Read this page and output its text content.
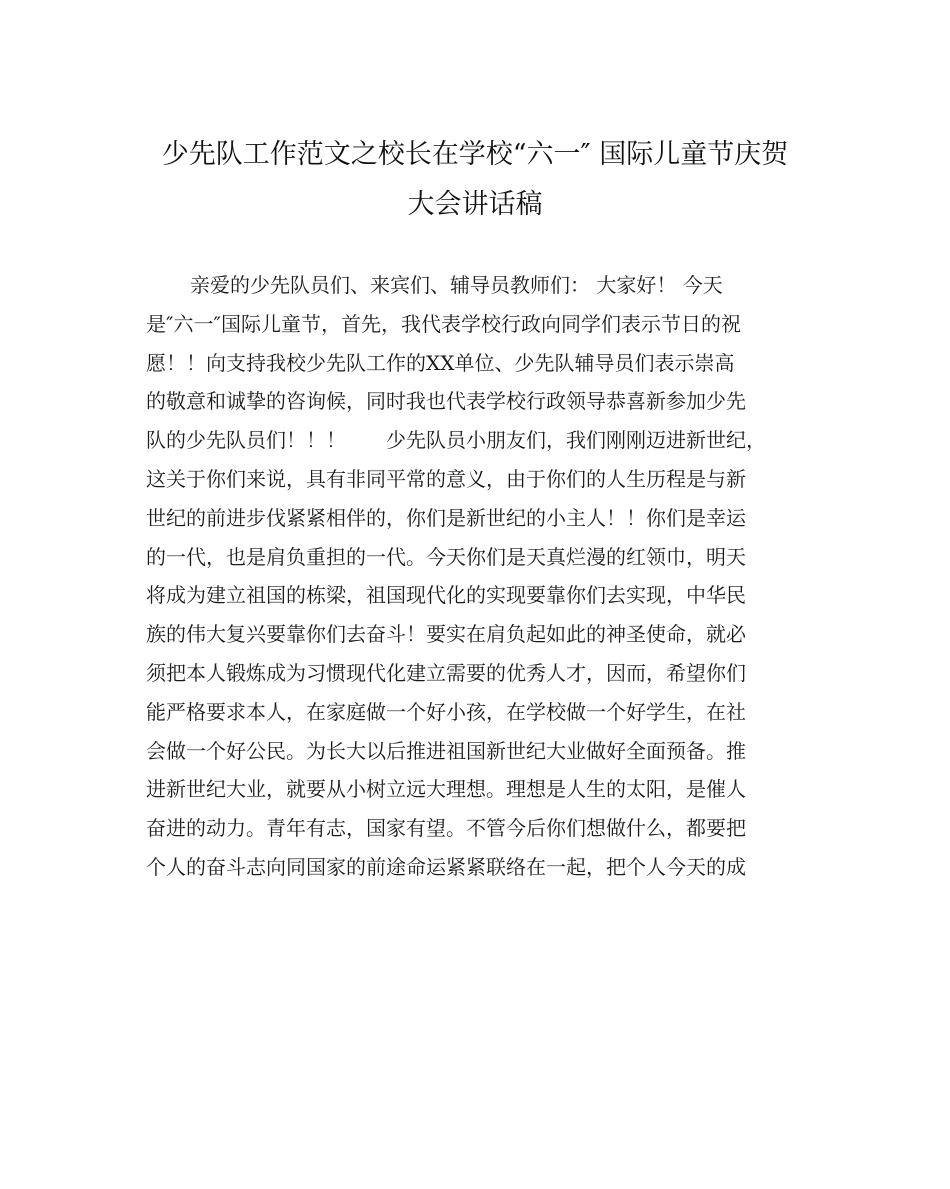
少先队工作范文之校长在学校“六一″ 国际儿童节庆贺
大会讲话稿
亲爱的少先队员们、来宾们、辅导员教师们： 大家好！ 今天
是″六一″国际儿童节，首先，我代表学校行政向同学们表示节日的祝
愿！！向支持我校少先队工作的XX单位、少先队辅导员们表示崇高
的敬意和诚挚的咨询候，同时我也代表学校行政领导恭喜新参加少先
队的少先队员们！！！　　少先队员小朋友们，我们刚刚迈进新世纪，
这关于你们来说，具有非同平常的意义，由于你们的人生历程是与新
世纪的前进步伐紧紧相伴的，你们是新世纪的小主人！！你们是幸运
的一代，也是肩负重担的一代。今天你们是天真烂漫的红领巾，明天
将成为建立祖国的栋梁，祖国现代化的实现要靠你们去实现，中华民
族的伟大复兴要靠你们去奋斗！要实在肩负起如此的神圣使命，就必
须把本人锻炼成为习惯现代化建立需要的优秀人才，因而，希望你们
能严格要求本人，在家庭做一个好小孩，在学校做一个好学生，在社
会做一个好公民。为长大以后推进祖国新世纪大业做好全面预备。推
进新世纪大业，就要从小树立远大理想。理想是人生的太阳，是催人
奋进的动力。青年有志，国家有望。不管今后你们想做什么，都要把
个人的奋斗志向同国家的前途命运紧紧联络在一起，把个人今天的成
